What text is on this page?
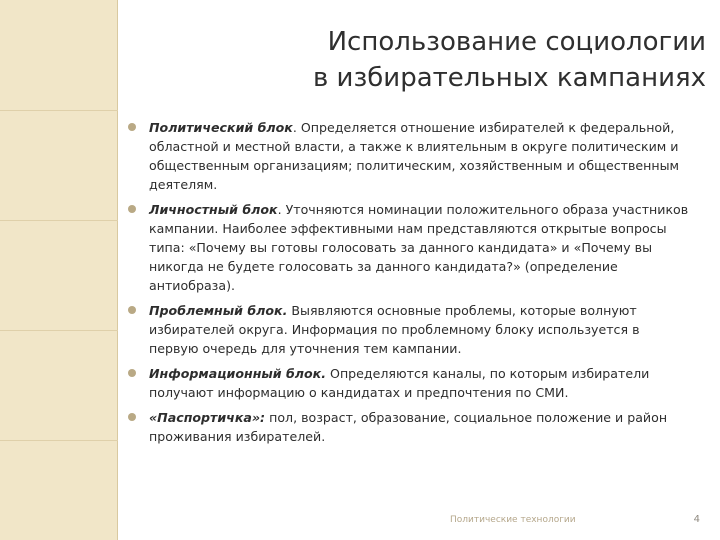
Использование социологии
в избирательных кампаниях
Политический блок. Определяется отношение избирателей к федеральной, областной и местной власти, а также к влиятельным в округе политическим и общественным организациям; политическим, хозяйственным и общественным деятелям.
Личностный блок. Уточняются номинации положительного образа участников кампании. Наиболее эффективными нам представляются открытые вопросы типа: «Почему вы готовы голосовать за данного кандидата» и «Почему вы никогда не будете голосовать за данного кандидата?» (определение антиобраза).
Проблемный блок. Выявляются основные проблемы, которые волнуют избирателей округа. Информация по проблемному блоку используется в первую очередь для уточнения тем кампании.
Информационный блок. Определяются каналы, по которым избиратели получают информацию о кандидатах и предпочтения по СМИ.
«Паспортичка»: пол, возраст, образование, социальное положение и район проживания избирателей.
Политические технологии	4
